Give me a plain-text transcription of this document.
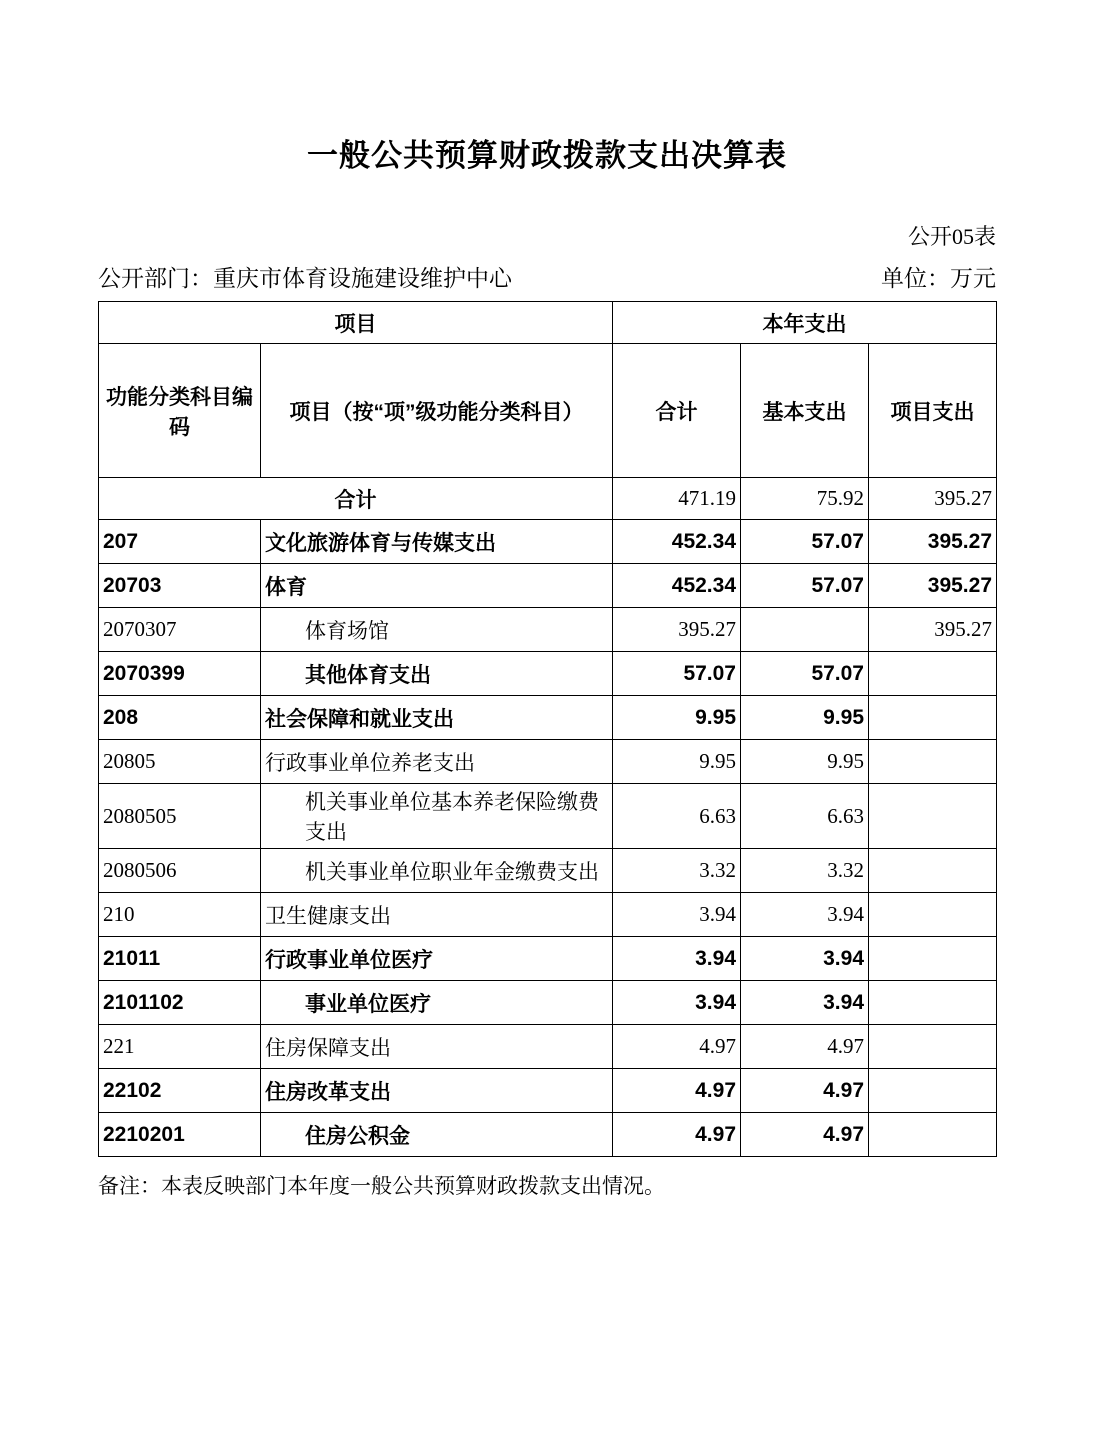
一般公共预算财政拨款支出决算表
公开05表
公开部门：重庆市体育设施建设维护中心	单位：万元
项目		本年支出		
功能分类科目编码	项目（按“项”级功能分类科目）	合计	基本支出	项目支出
合计		471.19	75.92	395.27
207	文化旅游体育与传媒支出	452.34	57.07	395.27
20703	体育	452.34	57.07	395.27
2070307	体育场馆	395.27		395.27
2070399	其他体育支出	57.07	57.07	
208	社会保障和就业支出	9.95	9.95	
20805	行政事业单位养老支出	9.95	9.95	
2080505	机关事业单位基本养老保险缴费支出	6.63	6.63	
2080506	机关事业单位职业年金缴费支出	3.32	3.32	
210	卫生健康支出	3.94	3.94	
21011	行政事业单位医疗	3.94	3.94	
2101102	事业单位医疗	3.94	3.94	
221	住房保障支出	4.97	4.97	
22102	住房改革支出	4.97	4.97	
2210201	住房公积金	4.97	4.97	
备注：本表反映部门本年度一般公共预算财政拨款支出情况。
